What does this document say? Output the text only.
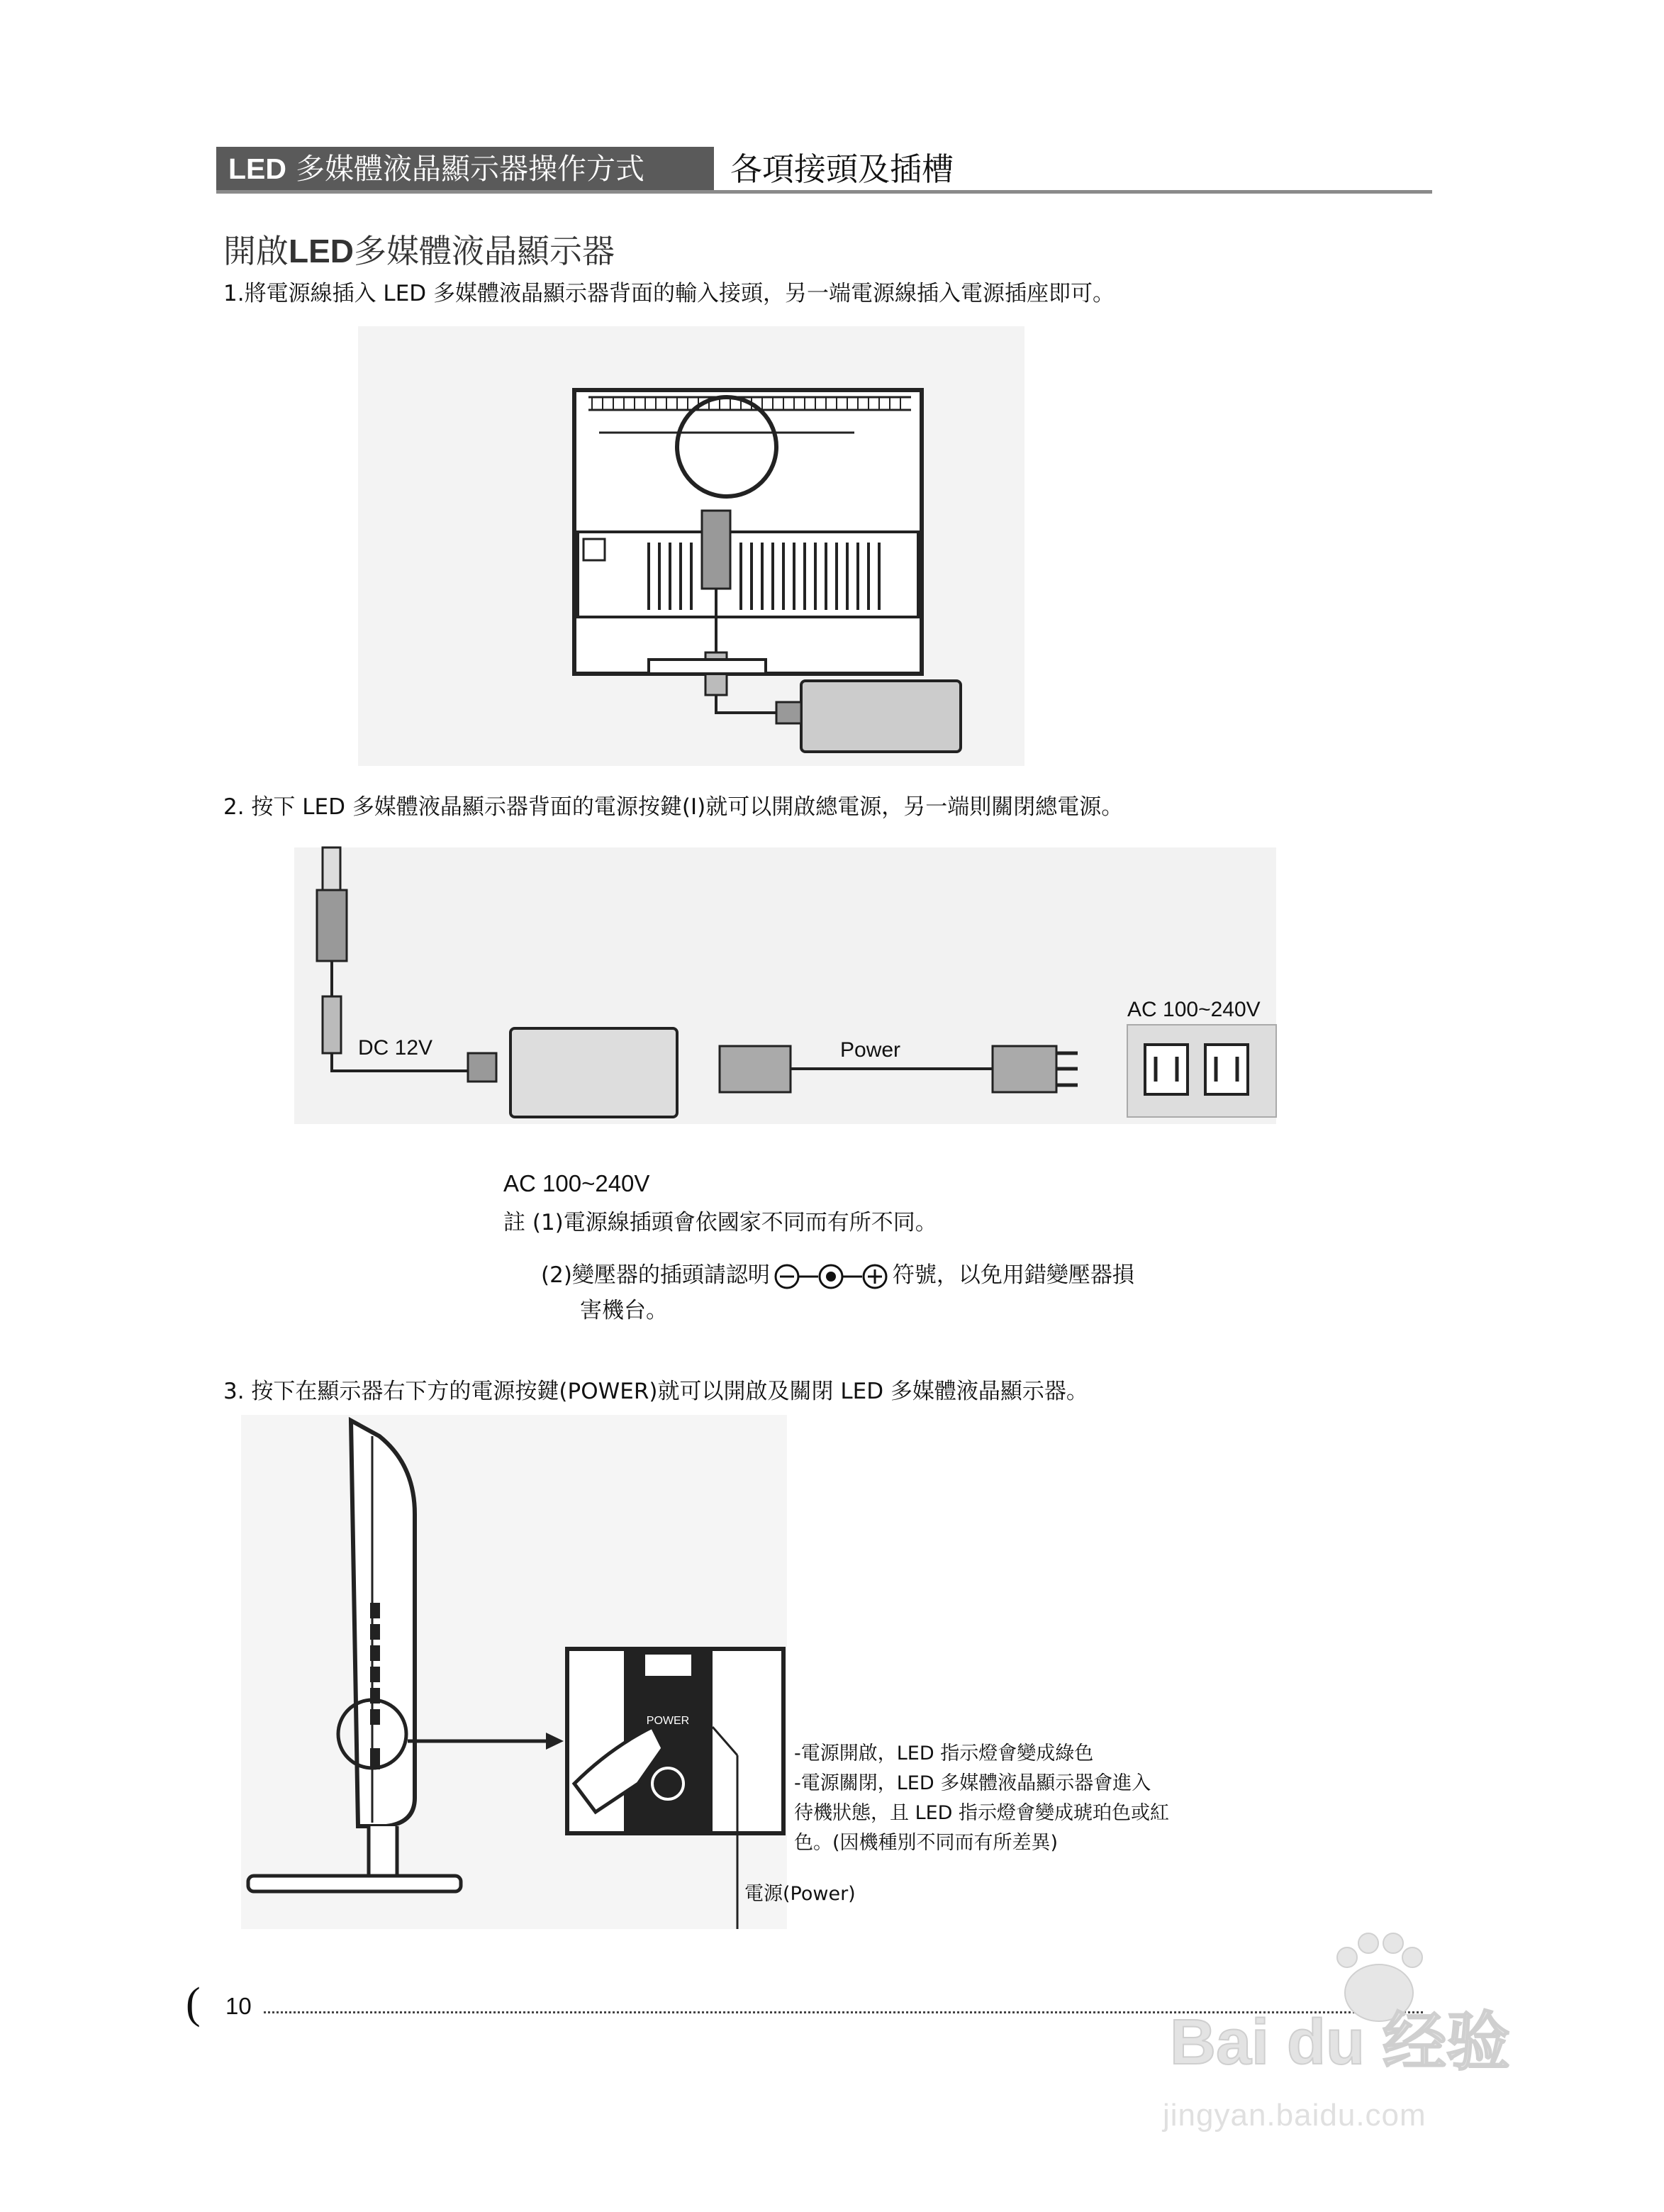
LED 多媒體液晶顯示器操作方式	各項接頭及插槽
開啟LED多媒體液晶顯示器
1.將電源線插入 LED 多媒體液晶顯示器背面的輸入接頭，另一端電源線插入電源插座即可。
2. 按下 LED 多媒體液晶顯示器背面的電源按鍵(I)就可以開啟總電源，另一端則關閉總電源。
DC 12V	Power
AC 100~240V
AC 100~240V
註 (1)電源線插頭會依國家不同而有所不同。
(2)變壓器的插頭請認明	符號，以免用錯變壓器損
害機台。
3. 按下在顯示器右下方的電源按鍵(POWER)就可以開啟及關閉 LED 多媒體液晶顯示器。
POWER
-電源開啟，LED 指示燈會變成綠色
-電源關閉，LED 多媒體液晶顯示器會進入
待機狀態，且 LED 指示燈會變成琥珀色或紅
色。(因機種別不同而有所差異)
電源(Power)
( 10
Bai du 经验
jingyan.baidu.com
